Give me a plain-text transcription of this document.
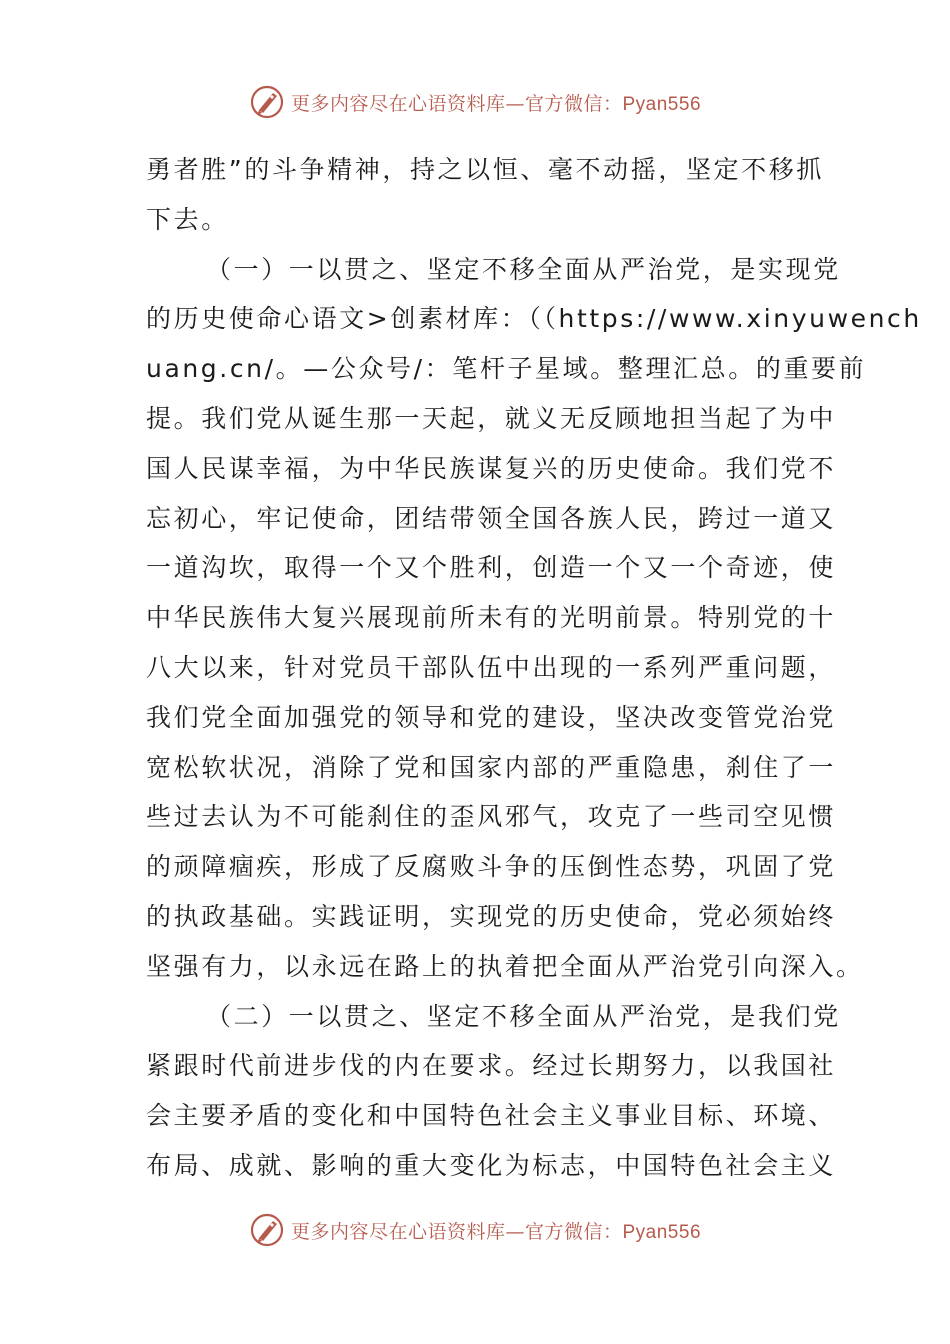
更多内容尽在心语资料库—官方微信：Pyan556
勇者胜”的斗争精神，持之以恒、毫不动摇，坚定不移抓
下去。
（一）一以贯之、坚定不移全面从严治党，是实现党
的历史使命心语文>创素材库：（（https://www.xinyuwench
uang.cn/。—公众号/：笔杆子星域。整理汇总。的重要前
提。我们党从诞生那一天起，就义无反顾地担当起了为中
国人民谋幸福，为中华民族谋复兴的历史使命。我们党不
忘初心，牢记使命，团结带领全国各族人民，跨过一道又
一道沟坎，取得一个又个胜利，创造一个又一个奇迹，使
中华民族伟大复兴展现前所未有的光明前景。特别党的十
八大以来，针对党员干部队伍中出现的一系列严重问题，
我们党全面加强党的领导和党的建设，坚决改变管党治党
宽松软状况，消除了党和国家内部的严重隐患，刹住了一
些过去认为不可能刹住的歪风邪气，攻克了一些司空见惯
的顽障痼疾，形成了反腐败斗争的压倒性态势，巩固了党
的执政基础。实践证明，实现党的历史使命，党必须始终
坚强有力，以永远在路上的执着把全面从严治党引向深入。
（二）一以贯之、坚定不移全面从严治党，是我们党
紧跟时代前进步伐的内在要求。经过长期努力，以我国社
会主要矛盾的变化和中国特色社会主义事业目标、环境、
布局、成就、影响的重大变化为标志，中国特色社会主义
更多内容尽在心语资料库—官方微信：Pyan556
